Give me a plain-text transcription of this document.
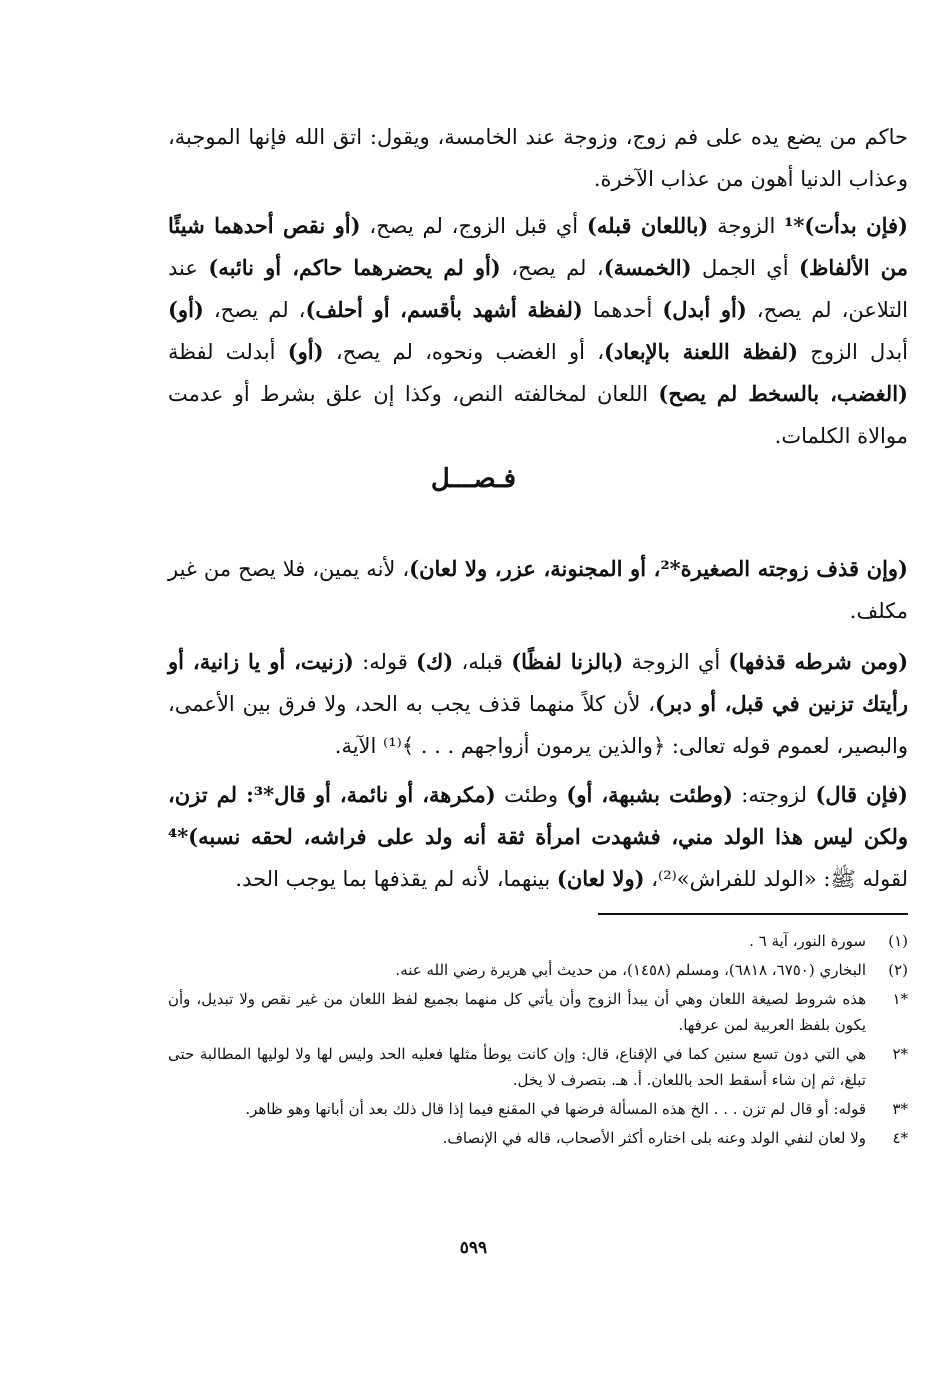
حاكم من يضع يده على فم زوج، وزوجة عند الخامسة، ويقول: اتق الله فإنها الموجبة، وعذاب الدنيا أهون من عذاب الآخرة.

(فإن بدأت)*¹ الزوجة (باللعان قبله) أي قبل الزوج، لم يصح، (أو نقص أحدهما شيئًا من الألفاظ) أي الجمل (الخمسة)، لم يصح، (أو لم يحضرهما حاكم، أو نائبه) عند التلاعن، لم يصح، (أو أبدل) أحدهما (لفظة أشهد بأقسم، أو أحلف)، لم يصح، (أو) أبدل الزوج (لفظة اللعنة بالإبعاد)، أو الغضب ونحوه، لم يصح، (أو) أبدلت لفظة (الغضب، بالسخط لم يصح) اللعان لمخالفته النص، وكذا إن علق بشرط أو عدمت موالاة الكلمات.

فـصـــل

(وإن قذف زوجته الصغيرة*²، أو المجنونة، عزر، ولا لعان)، لأنه يمين، فلا يصح من غير مكلف.

(ومن شرطه قذفها) أي الزوجة (بالزنا لفظًا) قبله، (ك) قوله: (زنيت، أو يا زانية، أو رأيتك تزنين في قبل، أو دبر)، لأن كلاً منهما قذف يجب به الحد، ولا فرق بين الأعمى، والبصير، لعموم قوله تعالى: ﴿والذين يرمون أزواجهم . . . ﴾⁽¹⁾ الآية.

(فإن قال) لزوجته: (وطئت بشبهة، أو) وطئت (مكرهة، أو نائمة، أو قال*³: لم تزن، ولكن ليس هذا الولد مني، فشهدت امرأة ثقة أنه ولد على فراشه، لحقه نسبه)*⁴ لقوله ﷺ: «الولد للفراش»⁽²⁾، (ولا لعان) بينهما، لأنه لم يقذفها بما يوجب الحد.

(١)
سورة النور، آية ٦ .
(٢)
البخاري (٦٧٥٠، ٦٨١٨)، ومسلم (١٤٥٨)، من حديث أبي هريرة رضي الله عنه.
*١
هذه شروط لصيغة اللعان وهي أن يبدأ الزوج وأن يأتي كل منهما بجميع لفظ اللعان من غير نقص ولا تبديل، وأن يكون بلفظ العربية لمن عرفها.
*٢
هي التي دون تسع سنين كما في الإقناع، قال: وإن كانت يوطأ مثلها فعليه الحد وليس لها ولا لوليها المطالبة حتى تبلغ، ثم إن شاء أسقط الحد باللعان. أ. هـ. بتصرف لا يخل.
*٣
قوله: أو قال لم تزن . . . الخ هذه المسألة فرضها في المقنع فيما إذا قال ذلك بعد أن أبانها وهو ظاهر.
*٤
ولا لعان لنفي الولد وعنه بلى اختاره أكثر الأصحاب، قاله في الإنصاف.
٥٩٩
